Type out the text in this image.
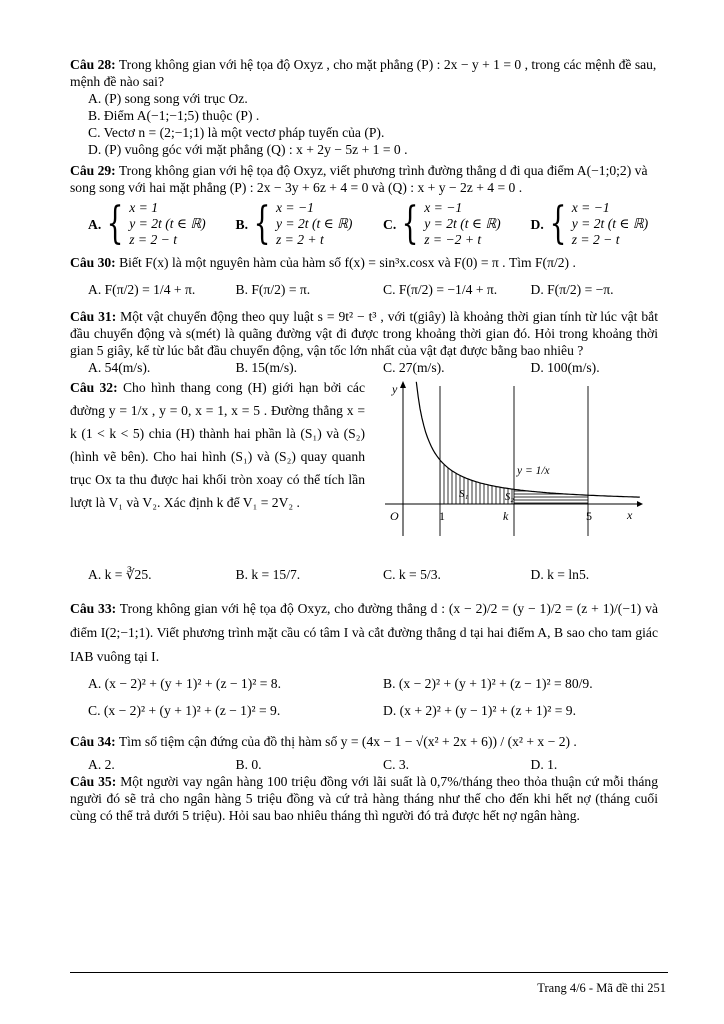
Câu 28: Trong không gian với hệ tọa độ Oxyz , cho mặt phẳng (P) : 2x − y + 1 = 0 , trong các mệnh đề sau, mệnh đề nào sai?
A. (P) song song với trục Oz.
B. Điểm A(−1;−1;5) thuộc (P) .
C. Vectơ n = (2;−1;1) là một vectơ pháp tuyến của (P).
D. (P) vuông góc với mặt phẳng (Q) : x + 2y − 5z + 1 = 0 .
Câu 29: Trong không gian với hệ tọa độ Oxyz, viết phương trình đường thẳng d đi qua điểm A(−1;0;2) và song song với hai mặt phẳng (P) : 2x − 3y + 6z + 4 = 0 và (Q) : x + y − 2z + 4 = 0 .
A. { x = 1
y = 2t (t ∈ ℝ)
z = 2 − t
B. { x = −1
y = 2t (t ∈ ℝ)
z = 2 + t
C. { x = −1
y = 2t (t ∈ ℝ)
z = −2 + t
D. { x = −1
y = 2t (t ∈ ℝ)
z = 2 − t
Câu 30: Biết F(x) là một nguyên hàm của hàm số f(x) = sin³x.cosx và F(0) = π . Tìm F(π/2) .
A. F(π/2) = 1/4 + π.	B. F(π/2) = π.	C. F(π/2) = −1/4 + π.	D. F(π/2) = −π.
Câu 31: Một vật chuyển động theo quy luật s = 9t² − t³ , với t(giây) là khoảng thời gian tính từ lúc vật bắt đầu chuyển động và s(mét) là quãng đường vật đi được trong khoảng thời gian đó. Hỏi trong khoảng thời gian 5 giây, kể từ lúc bắt đầu chuyển động, vận tốc lớn nhất của vật đạt được bằng bao nhiêu ?
A. 54(m/s).	B. 15(m/s).	C. 27(m/s).	D. 100(m/s).
Câu 32: Cho hình thang cong (H) giới hạn bởi các đường y = 1/x , y = 0, x = 1, x = 5 . Đường thẳng x = k (1 < k < 5) chia (H) thành hai phần là (S₁) và (S₂) (hình vẽ bên). Cho hai hình (S₁) và (S₂) quay quanh trục Ox ta thu được hai khối tròn xoay có thể tích lần lượt là V₁ và V₂. Xác định k để V₁ = 2V₂ .
y
x
O	1	k	5
y = 1/x
S₁	S₂
A. k = ∛25.	B. k = 15/7.	C. k = 5/3.	D. k = ln5.
Câu 33: Trong không gian với hệ tọa độ Oxyz, cho đường thẳng d : (x − 2)/2 = (y − 1)/2 = (z + 1)/(−1) và điểm I(2;−1;1). Viết phương trình mặt cầu có tâm I và cắt đường thẳng d tại hai điểm A, B sao cho tam giác IAB vuông tại I.
A. (x − 2)² + (y + 1)² + (z − 1)² = 8.	B. (x − 2)² + (y + 1)² + (z − 1)² = 80/9.
C. (x − 2)² + (y + 1)² + (z − 1)² = 9.	D. (x + 2)² + (y − 1)² + (z + 1)² = 9.
Câu 34: Tìm số tiệm cận đứng của đồ thị hàm số y = (4x − 1 − √(x² + 2x + 6)) / (x² + x − 2) .
A. 2.	B. 0.	C. 3.	D. 1.
Câu 35: Một người vay ngân hàng 100 triệu đồng với lãi suất là 0,7%/tháng theo thỏa thuận cứ mỗi tháng người đó sẽ trả cho ngân hàng 5 triệu đồng và cứ trả hàng tháng như thế cho đến khi hết nợ (tháng cuối cùng có thể trả dưới 5 triệu). Hỏi sau bao nhiêu tháng thì người đó trả được hết nợ ngân hàng.
Trang 4/6 - Mã đề thi 251
